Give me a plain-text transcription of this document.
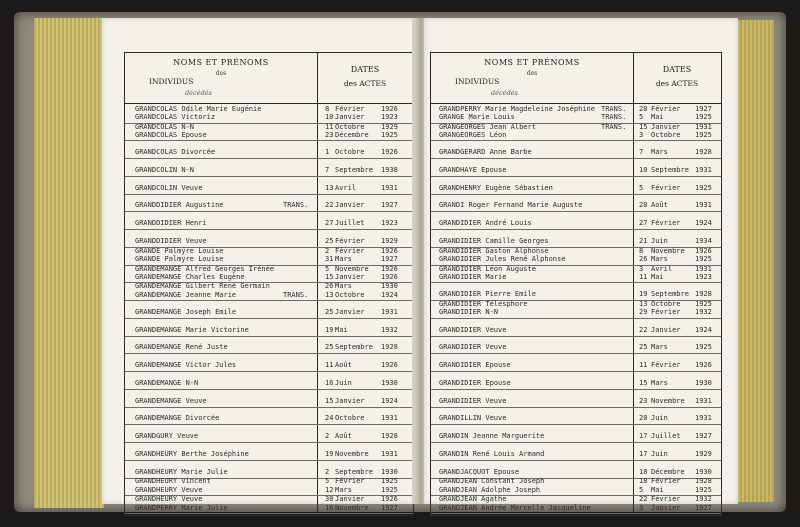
NOMS ET PRÉNOMS
des
INDIVIDUS
décédés
DATES
des ACTES
GRANDCOLAS Odile Marie Eugénie	8 Février 1926
GRANDCOLAS Victoriz	10 Janvier 1923
GRANDCOLAS N-N	11 Octobre 1929
GRANDCOLAS Epouse	23 Décembre 1925
GRANDCOLAS Divorcée	1 Octobre 1926
GRANDCOLIN N-N	7 Septembre 1938
GRANDCOLIN Veuve	13 Avril	1931
GRANDDIDIER Augustine	TRANS. 22 Janvier 1927
GRANDDIDIER Henri	27 Juillet 1923
GRANDDIDIER Veuve	25 Février 1929
GRANDE Palmyre Louise	2 Février 1926
GRANDE Palmyre Louise	31 Mars	1927
GRANDEMANGE Alfred Georges Irénée	5 Novembre 1926
GRANDEMANGE Charles Eugène	15 Janvier 1926
GRANDEMANGE Gilbert René Germain	26 Mars	1930
GRANDEMANGE Jeanne Marie	TRANS. 13 Octobre 1924
GRANDEMANGE Joseph Emile	25 Janvier 1931
GRANDEMANGE Marie Victorine	19 Mai	1932
GRANDEMANGE René Juste	25 Septembre 1928
GRANDEMANGE Victor Jules	11 Août	1926
GRANDEMANGE N-N	16 Juin	1930
GRANDEMANGE Veuve	15 Janvier 1924
GRANDEMANGE Divorcée	24 Octobre 1931
GRANDGURY Veuve	2 Août	1928
GRANDHEURY Berthe Joséphine	19 Novembre 1931
GRANDHEURY Marie Julie	2 Septembre 1930
GRANDHEURY Vincent	5 Février 1925
GRANDHEURY Veuve	12 Mars	1925
GRANDHEURY Veuve	30 Janvier 1926
GRANDPERRY Marie Julie	16 Novembre 1927
NOMS ET PRÉNOMS
des
INDIVIDUS
décédés
DATES
des ACTES
GRANDPERRY Marie Magdeleine Joséphine TRANS. 28 Février 1927
GRANGE Marie Louis	TRANS. 5 Mai	1925
GRANGEORGES Jean Albert	TRANS. 15 Janvier 1931
GRANGEORGES Léon	3 Octobre 1925
GRANDGERARD Anne Barbe	7 Mars	1928
GRANDHAYE Epouse	10 Septembre 1931
GRANDHENRY Eugène Sébastien	5 Février 1925
GRANDI Roger Fernand Marie Auguste	28 Août	1931
GRANDIDIER André Louis	27 Février 1924
GRANDIDIER Camille Georges	21 Juin	1934
GRANDIDIER Gaston Alphonse	8 Novembre 1926
GRANDIDIER Jules René Alphonse	26 Mars	1925
GRANDIDIER Léon Auguste	3 Avril	1931
GRANDIDIER Marie	11 Mai	1923
GRANDIDIER Pierre Emile	19 Septembre 1928
GRANDIDIER Télesphore	13 Octobre 1925
GRANDIDIER N-N	29 Février 1932
GRANDIDIER Veuve	22 Janvier 1924
GRANDIDIER Veuve	25 Mars	1925
GRANDIDIER Epouse	11 Février 1926
GRANDIDIER Epouse	15 Mars	1930
GRANDIDIER Veuve	23 Novembre 1931
GRANDILLIN Veuve	20 Juin	1931
GRANDIN Jeanne Marguerite	17 Juillet 1927
GRANDIN René Louis Armand	17 Juin	1929
GRANDJACQUOT Epouse	18 Décembre 1930
GRANDJEAN Constant Joseph	18 Février 1928
GRANDJEAN Adolphe Joseph	5 Mai	1925
GRANDJEAN Agathe	22 Février 1932
GRANDJEAN Andrée Marcelle Jacqueline	3 Janvier 1927
